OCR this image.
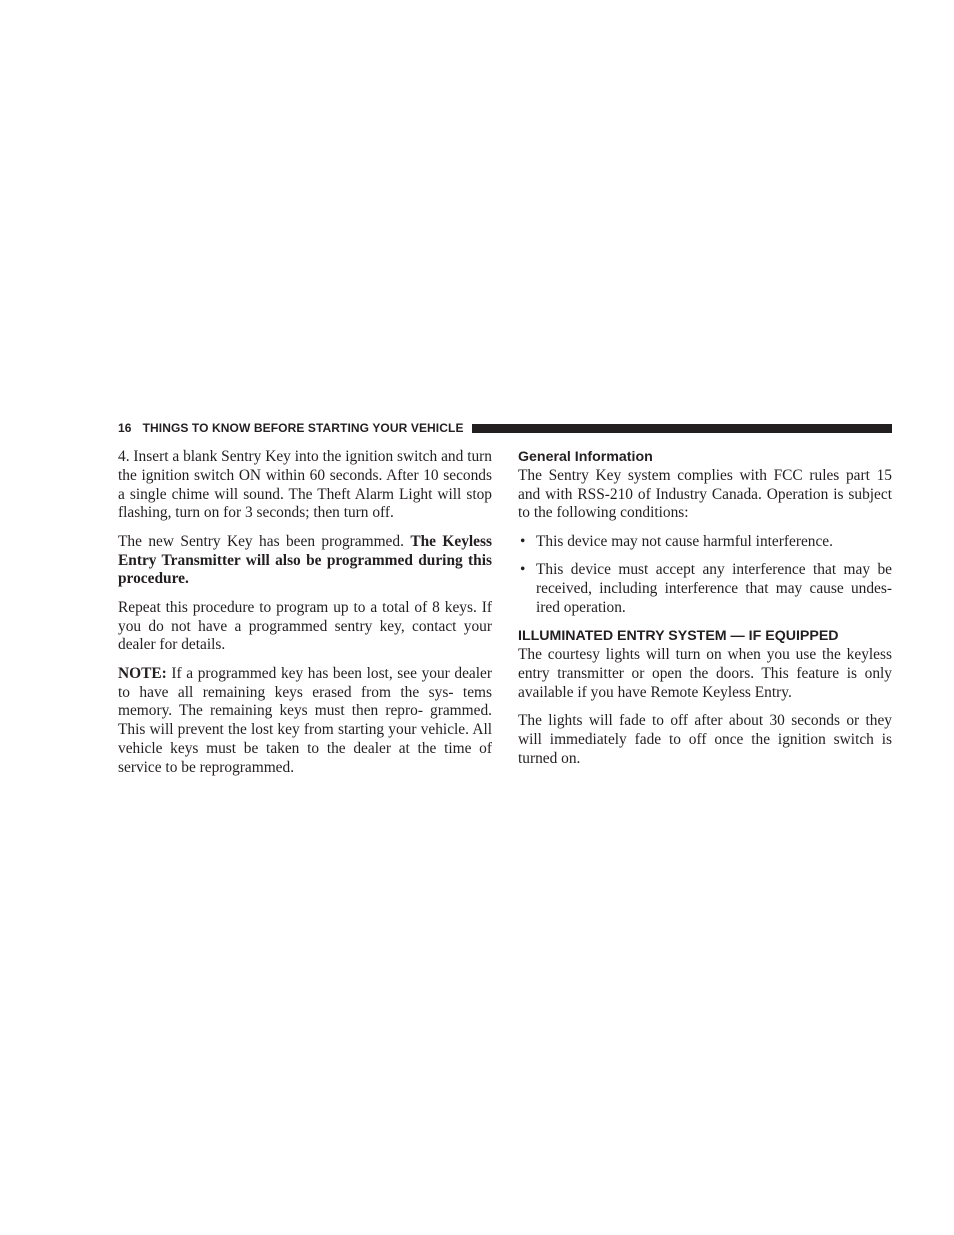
16 THINGS TO KNOW BEFORE STARTING YOUR VEHICLE

4. Insert a blank Sentry Key into the ignition switch and turn the ignition switch ON within 60 seconds. After 10 seconds a single chime will sound. The Theft Alarm Light will stop flashing, turn on for 3 seconds; then turn off.

The new Sentry Key has been programmed. The Keyless Entry Transmitter will also be programmed during this procedure.

Repeat this procedure to program up to a total of 8 keys. If you do not have a programmed sentry key, contact your dealer for details.

NOTE: If a programmed key has been lost, see your dealer to have all remaining keys erased from the sys- tems memory. The remaining keys must then repro- grammed. This will prevent the lost key from starting your vehicle. All vehicle keys must be taken to the dealer at the time of service to be reprogrammed.

General Information

The Sentry Key system complies with FCC rules part 15 and with RSS-210 of Industry Canada. Operation is subject to the following conditions:

• This device may not cause harmful interference.
• This device must accept any interference that may be received, including interference that may cause undes- ired operation.
ILLUMINATED ENTRY SYSTEM — IF EQUIPPED

The courtesy lights will turn on when you use the keyless entry transmitter or open the doors. This feature is only available if you have Remote Keyless Entry.

The lights will fade to off after about 30 seconds or they will immediately fade to off once the ignition switch is turned on.
